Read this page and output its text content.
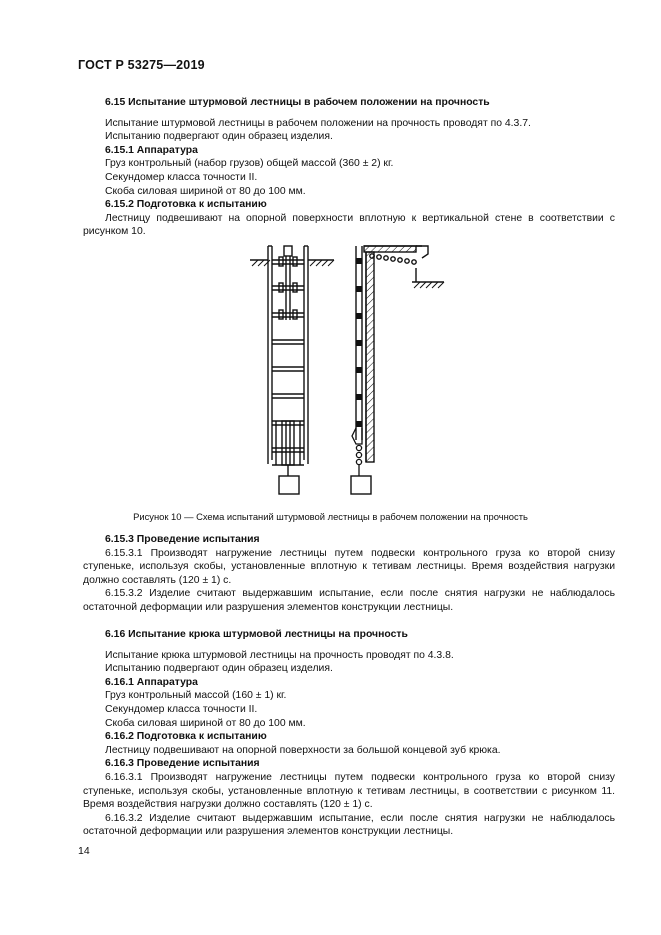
ГОСТ Р 53275—2019

6.15 Испытание штурмовой лестницы в рабочем положении на прочность

Испытание штурмовой лестницы в рабочем положении на прочность проводят по 4.3.7.

Испытанию подвергают один образец изделия.

6.15.1 Аппаратура

Груз контрольный (набор грузов) общей массой (360 ± 2) кг.

Секундомер класса точности II.

Скоба силовая шириной от 80 до 100 мм.

6.15.2 Подготовка к испытанию

Лестницу подвешивают на опорной поверхности вплотную к вертикальной стене в соответствии с рисунком 10.

Рисунок 10 — Схема испытаний штурмовой лестницы в рабочем положении на прочность

6.15.3 Проведение испытания

6.15.3.1 Производят нагружение лестницы путем подвески контрольного груза ко второй снизу ступеньке, используя скобы, установленные вплотную к тетивам лестницы. Время воздействия нагрузки должно составлять (120 ± 1) с.

6.15.3.2 Изделие считают выдержавшим испытание, если после снятия нагрузки не наблюдалось остаточной деформации или разрушения элементов конструкции лестницы.

6.16 Испытание крюка штурмовой лестницы на прочность

Испытание крюка штурмовой лестницы на прочность проводят по 4.3.8.

Испытанию подвергают один образец изделия.

6.16.1 Аппаратура

Груз контрольный массой (160 ± 1) кг.

Секундомер класса точности II.

Скоба силовая шириной от 80 до 100 мм.

6.16.2 Подготовка к испытанию

Лестницу подвешивают на опорной поверхности за большой концевой зуб крюка.

6.16.3 Проведение испытания

6.16.3.1 Производят нагружение лестницы путем подвески контрольного груза ко второй снизу ступеньке, используя скобы, установленные вплотную к тетивам лестницы, в соответствии с рисунком 11. Время воздействия нагрузки должно составлять (120 ± 1) с.

6.16.3.2 Изделие считают выдержавшим испытание, если после снятия нагрузки не наблюдалось остаточной деформации или разрушения элементов конструкции лестницы.

14
